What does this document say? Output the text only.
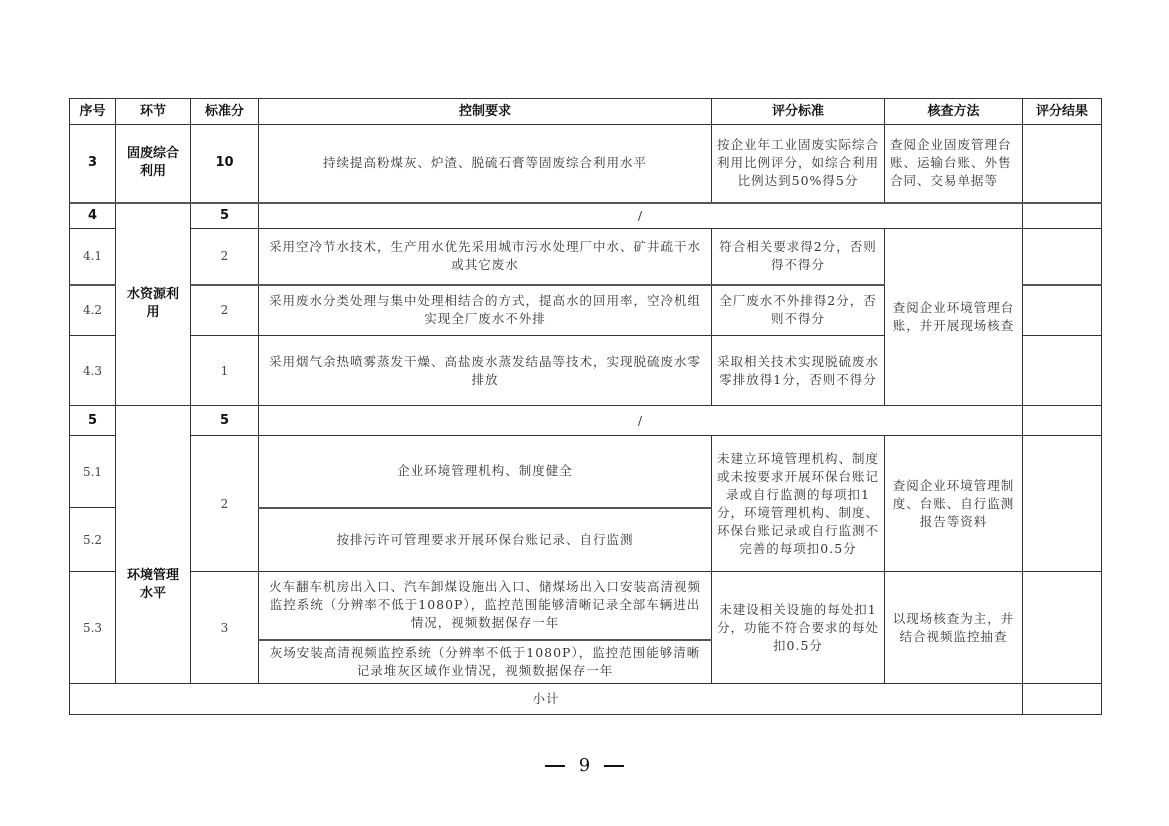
序号	环节	标准分	控制要求	评分标准	核查方法	评分结果
3	固废综合利用	10	持续提高粉煤灰、炉渣、脱硫石膏等固废综合利用水平	按企业年工业固废实际综合利用比例评分，如综合利用比例达到50%得5分	查阅企业固废管理台账、运输台账、外售合同、交易单据等	
4	水资源利用	5	/			
4.1		2	采用空冷节水技术，生产用水优先采用城市污水处理厂中水、矿井疏干水或其它废水	符合相关要求得2分，否则得不得分	查阅企业环境管理台账，并开展现场核查	
4.2		2	采用废水分类处理与集中处理相结合的方式，提高水的回用率，空冷机组实现全厂废水不外排	全厂废水不外排得2分，否则不得分		
4.3		1	采用烟气余热喷雾蒸发干燥、高盐废水蒸发结晶等技术，实现脱硫废水零排放	采取相关技术实现脱硫废水零排放得1分，否则不得分		
5	环境管理水平	5	/			
5.1		2	企业环境管理机构、制度健全	未建立环境管理机构、制度或未按要求开展环保台账记录或自行监测的每项扣1分，环境管理机构、制度、环保台账记录或自行监测不完善的每项扣0.5分	查阅企业环境管理制度、台账、自行监测报告等资料	
5.2			按排污许可管理要求开展环保台账记录、自行监测			
5.3		3	火车翻车机房出入口、汽车卸煤设施出入口、储煤场出入口安装高清视频监控系统（分辨率不低于1080P），监控范围能够清晰记录全部车辆进出情况，视频数据保存一年	未建设相关设施的每处扣1分，功能不符合要求的每处扣0.5分	以现场核查为主，并结合视频监控抽查	
			灰场安装高清视频监控系统（分辨率不低于1080P），监控范围能够清晰记录堆灰区域作业情况，视频数据保存一年			
小计						
9
